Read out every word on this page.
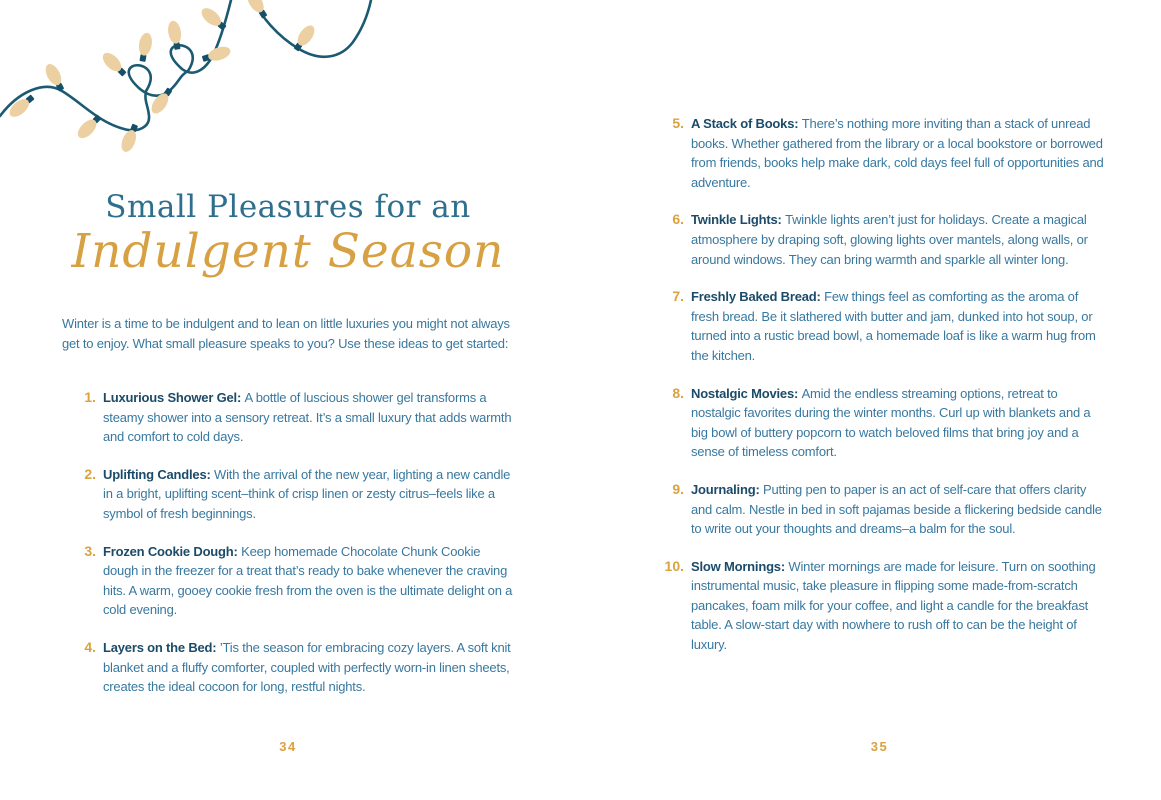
Small Pleasures for an
Indulgent Season

Winter is a time to be indulgent and to lean on little luxuries you might not always get to enjoy. What small pleasure speaks to you? Use these ideas to get started:

1. Luxurious Shower Gel: A bottle of luscious shower gel transforms a steamy shower into a sensory retreat. It’s a small luxury that adds warmth and comfort to cold days.

2. Uplifting Candles: With the arrival of the new year, lighting a new candle in a bright, uplifting scent–think of crisp linen or zesty citrus–feels like a symbol of fresh beginnings.

3. Frozen Cookie Dough: Keep homemade Chocolate Chunk Cookie dough in the freezer for a treat that’s ready to bake whenever the craving hits. A warm, gooey cookie fresh from the oven is the ultimate delight on a cold evening.

4. Layers on the Bed: ’Tis the season for embracing cozy layers. A soft knit blanket and a fluffy comforter, coupled with perfectly worn-in linen sheets, creates the ideal cocoon for long, restful nights.

34
5. A Stack of Books: There’s nothing more inviting than a stack of unread books. Whether gathered from the library or a local bookstore or borrowed from friends, books help make dark, cold days feel full of opportunities and adventure.

6. Twinkle Lights: Twinkle lights aren’t just for holidays. Create a magical atmosphere by draping soft, glowing lights over mantels, along walls, or around windows. They can bring warmth and sparkle all winter long.

7. Freshly Baked Bread: Few things feel as comforting as the aroma of fresh bread. Be it slathered with butter and jam, dunked into hot soup, or turned into a rustic bread bowl, a homemade loaf is like a warm hug from the kitchen.

8. Nostalgic Movies: Amid the endless streaming options, retreat to nostalgic favorites during the winter months. Curl up with blankets and a big bowl of buttery popcorn to watch beloved films that bring joy and a sense of timeless comfort.

9. Journaling: Putting pen to paper is an act of self-care that offers clarity and calm. Nestle in bed in soft pajamas beside a flickering bedside candle to write out your thoughts and dreams–a balm for the soul.

10. Slow Mornings: Winter mornings are made for leisure. Turn on soothing instrumental music, take pleasure in flipping some made-from-scratch pancakes, foam milk for your coffee, and light a candle for the breakfast table. A slow-start day with nowhere to rush off to can be the height of luxury.

35
